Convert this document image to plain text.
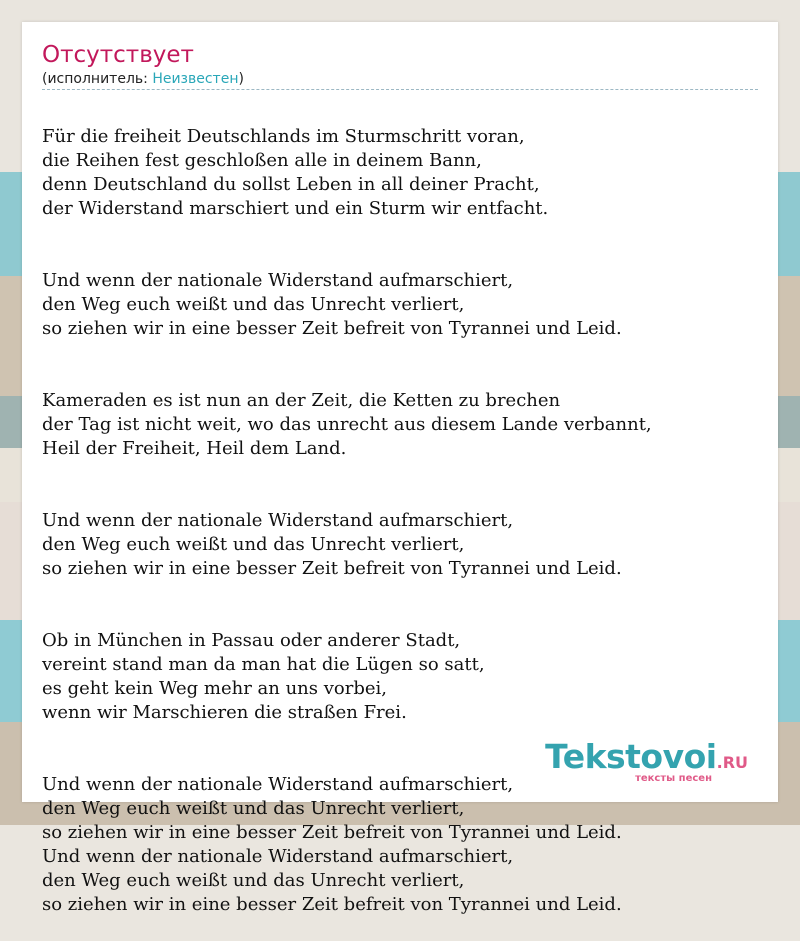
Отсутствует
(исполнитель: Неизвестен)

Für die freiheit Deutschlands im Sturmschritt voran,
die Reihen fest geschloßen alle in deinem Bann,
denn Deutschland du sollst Leben in all deiner Pracht,
der Widerstand marschiert und ein Sturm wir entfacht.

Und wenn der nationale Widerstand aufmarschiert,
den Weg euch weißt und das Unrecht verliert,
so ziehen wir in eine besser Zeit befreit von Tyrannei und Leid.

Kameraden es ist nun an der Zeit, die Ketten zu brechen
der Tag ist nicht weit, wo das unrecht aus diesem Lande verbannt,
Heil der Freiheit, Heil dem Land.

Und wenn der nationale Widerstand aufmarschiert,
den Weg euch weißt und das Unrecht verliert,
so ziehen wir in eine besser Zeit befreit von Tyrannei und Leid.

Ob in München in Passau oder anderer Stadt,
vereint stand man da man hat die Lügen so satt,
es geht kein Weg mehr an uns vorbei,
wenn wir Marschieren die straßen Frei.

Und wenn der nationale Widerstand aufmarschiert,
den Weg euch weißt und das Unrecht verliert,
so ziehen wir in eine besser Zeit befreit von Tyrannei und Leid.
Und wenn der nationale Widerstand aufmarschiert,
den Weg euch weißt und das Unrecht verliert,
so ziehen wir in eine besser Zeit befreit von Tyrannei und Leid.

Tekstovoi.RU
тексты песен
